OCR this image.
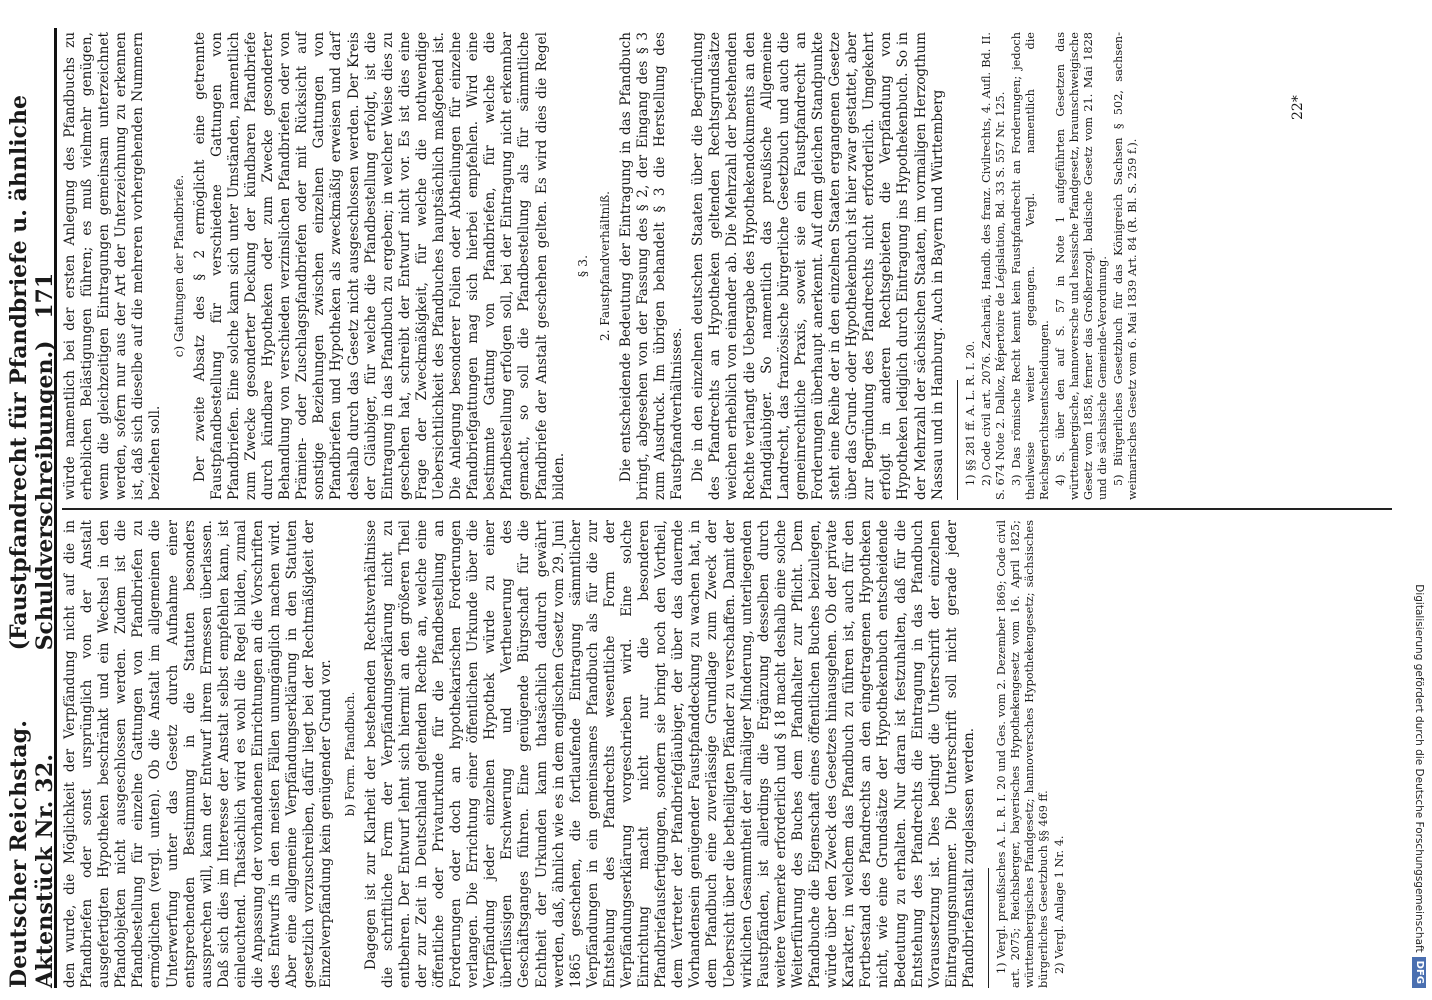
Deutscher Reichstag. Aktenstück Nr. 32.
(Faustpfandrecht für Pfandbriefe u. ähnliche Schuldverschreibungen.) 171

den wurde, die Möglichkeit der Verpfändung nicht auf die in Pfandbriefen oder sonst ursprünglich von der Anstalt ausgefertigten Hypotheken beschränkt und ein Wechsel in den Pfandobjekten nicht ausgeschlossen werden. Zudem ist die Pfandbestellung für einzelne Gattungen von Pfandbriefen zu ermöglichen (vergl. unten). Ob die Anstalt im allgemeinen die Unterwerfung unter das Gesetz durch Aufnahme einer entsprechenden Bestimmung in die Statuten besonders aussprechen will, kann der Entwurf ihrem Ermessen überlassen. Daß sich dies im Interesse der Anstalt selbst empfehlen kann, ist einleuchtend. Thatsächlich wird es wohl die Regel bilden, zumal die Anpassung der vorhandenen Einrichtungen an die Vorschriften des Entwurfs in den meisten Fällen unumgänglich machen wird. Aber eine allgemeine Verpfändungserklärung in den Statuten gesetzlich vorzuschreiben, dafür liegt bei der Rechtmäßigkeit der Einzelverpfändung kein genügender Grund vor. b) Form. Pfandbuch. Dagegen ist zur Klarheit der bestehenden Rechtsverhältnisse die schriftliche Form der Verpfändungserklärung nicht zu entbehren. Der Entwurf lehnt sich hiermit an den größeren Theil der zur Zeit in Deutschland geltenden Rechte an, welche eine öffentliche oder Privaturkunde für die Pfandbestellung an Forderungen oder doch an hypothekarischen Forderungen verlangen. Die Errichtung einer öffentlichen Urkunde über die Verpfändung jeder einzelnen Hypothek würde zu einer überflüssigen Erschwerung und Vertheuerung des Geschäftsganges führen. Eine genügende Bürgschaft für die Echtheit der Urkunden kann thatsächlich dadurch gewährt werden, daß, ähnlich wie es in dem englischen Gesetz vom 29. Juni 1865 geschehen, die fortlaufende Eintragung sämmtlicher Verpfändungen in ein gemeinsames Pfandbuch als für die zur Entstehung des Pfandrechts wesentliche Form der Verpfändungserklärung vorgeschrieben wird. Eine solche Einrichtung macht nicht nur die besonderen Pfandbriefausfertigungen, sondern sie bringt noch den Vortheil, dem Vertreter der Pfandbriefgläubiger, der über das dauernde Vorhandensein genügender Faustpfanddeckung zu wachen hat, in dem Pfandbuch eine zuverlässige Grundlage zum Zweck der Uebersicht über die betheiligten Pfänder zu verschaffen. Damit der wirklichen Gesammtheit der allmäliger Minderung, unterliegenden Faustpfänden, ist allerdings die Ergänzung desselben durch weitere Vermerke erforderlich und § 18 macht deshalb eine solche Weiterführung des Buches dem Pfandhalter zur Pflicht. Dem Pfandbuche die Eigenschaft eines öffentlichen Buches beizulegen, würde über den Zweck des Gesetzes hinausgehen. Ob der private Karakter, in welchem das Pfandbuch zu führen ist, auch für den Fortbestand des Pfandrechts an den eingetragenen Hypotheken nicht, wie eine Grundsätze der Hypothekenbuch entscheidende Bedeutung zu erhalten. Nur daran ist festzuhalten, daß für die Entstehung des Pfandrechts die Eintragung in das Pfandbuch Voraussetzung ist. Dies bedingt die Unterschrift der einzelnen Eintragungsnummer. Die Unterschrift soll nicht gerade jeder Pfandbriefanstalt zugelassen werden. 1) Vergl. preußisches A. L. R. I. 20 und Ges. vom 2. Dezember 1869; Code civil art. 2075; Reichsberger, bayerisches Hypothekengesetz vom 16. April 1825; württembergisches Pfandgesetz; hannoversches Hypothekengesetz; sächsisches bürgerliches Gesetzbuch §§ 469 ff. 2) Vergl. Anlage 1 Nr. 4.

würde namentlich bei der ersten Anlegung des Pfandbuchs zu erheblichen Belästigungen führen; es muß vielmehr genügen, wenn die gleichzeitigen Eintragungen gemeinsam unterzeichnet werden, sofern nur aus der Art der Unterzeichnung zu erkennen ist, daß sich dieselbe auf die mehreren vorhergehenden Nummern beziehen soll.

c) Gattungen der Pfandbriefe. Der zweite Absatz des § 2 ermöglicht eine getrennte Faustpfandbestellung für verschiedene Gattungen von Pfandbriefen. Eine solche kann sich unter Umständen, namentlich zum Zwecke gesonderter Deckung der kündbaren Pfandbriefe durch kündbare Hypotheken oder zum Zwecke gesonderter Behandlung von verschieden verzinslichen Pfandbriefen oder von Prämien- oder Zuschlagspfandbriefen oder mit Rücksicht auf sonstige Beziehungen zwischen einzelnen Gattungen von Pfandbriefen und Hypotheken als zweckmäßig erweisen und darf deshalb durch das Gesetz nicht ausgeschlossen werden. Der Kreis der Gläubiger, für welche die Pfandbestellung erfolgt, ist die Eintragung in das Pfandbuch zu ergeben; in welcher Weise dies zu geschehen hat, schreibt der Entwurf nicht vor. Es ist dies eine Frage der Zweckmäßigkeit, für welche die nothwendige Uebersichtlichkeit des Pfandbuches hauptsächlich maßgebend ist. Die Anlegung besonderer Folien oder Abtheilungen für einzelne Pfandbriefgattungen mag sich hierbei empfehlen. Wird eine bestimmte Gattung von Pfandbriefen, für welche die Pfandbestellung erfolgen soll, bei der Eintragung nicht erkennbar gemacht, so soll die Pfandbestellung als für sämmtliche Pfandbriefe der Anstalt geschehen gelten. Es wird dies die Regel bilden.

§ 3. 2. Faustpfandverhältniß. Die entscheidende Bedeutung der Eintragung in das Pfandbuch bringt, abgesehen von der Fassung des § 2, der Eingang des § 3 zum Ausdruck. Im übrigen behandelt § 3 die Herstellung des Faustpfandverhältnisses. Die in den einzelnen deutschen Staaten über die Begründung des Pfandrechts an Hypotheken geltenden Rechtsgrundsätze weichen erheblich von einander ab. Die Mehrzahl der bestehenden Rechte verlangt die Uebergabe des Hypothekendokuments an den Pfandgläubiger. So namentlich das preußische Allgemeine Landrecht, das französische bürgerliche Gesetzbuch und auch die gemeinrechtliche Praxis, soweit sie ein Faustpfandrecht an Forderungen überhaupt anerkennt. Auf dem gleichen Standpunkte steht eine Reihe der in den einzelnen Staaten ergangenen Gesetze über das Grund- oder Hypothekenbuch ist hier zwar gestattet, aber zur Begründung des Pfandrechts nicht erforderlich. Umgekehrt erfolgt in anderen Rechtsgebieten die Verpfändung von Hypotheken lediglich durch Eintragung ins Hypothekenbuch. So in der Mehrzahl der sächsischen Staaten, im vormaligen Herzogthum Nassau und in Hamburg. Auch in Bayern und Württemberg 1) §§ 281 ff. A. L. R. I. 20. 2) Code civil art. 2076. Zachariä, Handb. des franz. Civilrechts, 4. Aufl. Bd. II. S. 674 Note 2. Dalloz, Répertoire de Législation, Bd. 33 S. 557 Nr. 125. 3) Das römische Recht kennt kein Faustpfandrecht an Forderungen; jedoch theilweise weiter gegangen. Vergl. namentlich die Reichsgerichtsentscheidungen. 4) S. über den auf S. 57 in Note 1 aufgeführten Gesetzen das württembergische, hannoversche und hessische Pfandgesetz, braunschweigische Gesetz vom 1858, ferner das Großherzogl. badische Gesetz vom 21. Mai 1828 und die sächsische Gemeinde-Verordnung. 5) Bürgerliches Gesetzbuch für das Königreich Sachsen § 502, sachsen-weimarisches Gesetz vom 6. Mai 1839 Art. 84 (R. Bl. S. 259 f.).

22*
Digitalisierung gefördert durch die Deutsche Forschungsgemeinschaft
DFG
